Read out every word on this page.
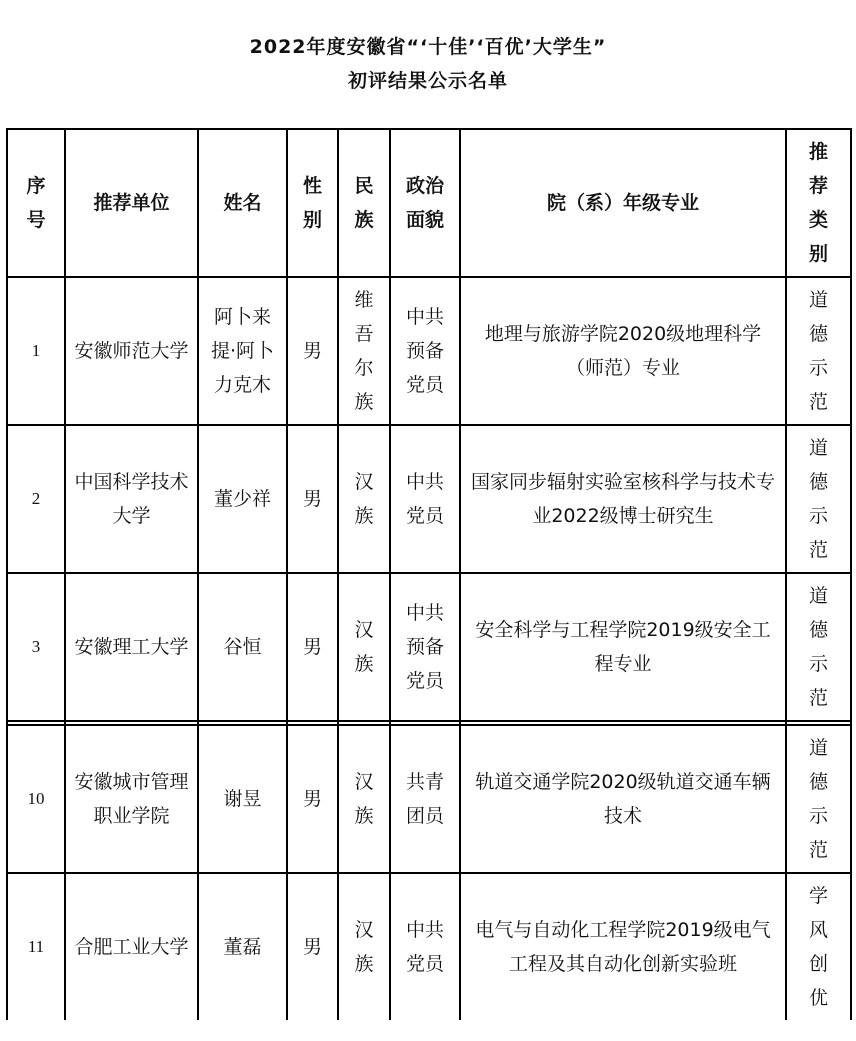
2022年度安徽省“‘十佳’‘百优’大学生”
初评结果公示名单
序号	推荐单位	姓名	性别	民族	政治面貌	院（系）年级专业	推荐类别
1	安徽师范大学	阿卜来提·阿卜力克木	男	维吾尔族	中共预备党员	地理与旅游学院2020级地理科学（师范）专业	道德示范
2	中国科学技术大学	董少祥	男	汉族	中共党员	国家同步辐射实验室核科学与技术专业2022级博士研究生	道德示范
3	安徽理工大学	谷恒	男	汉族	中共预备党员	安全科学与工程学院2019级安全工程专业	道德示范

10	安徽城市管理职业学院	谢昱	男	汉族	共青团员	轨道交通学院2020级轨道交通车辆技术	道德示范
11	合肥工业大学	董磊	男	汉族	中共党员	电气与自动化工程学院2019级电气工程及其自动化创新实验班	学风创优
